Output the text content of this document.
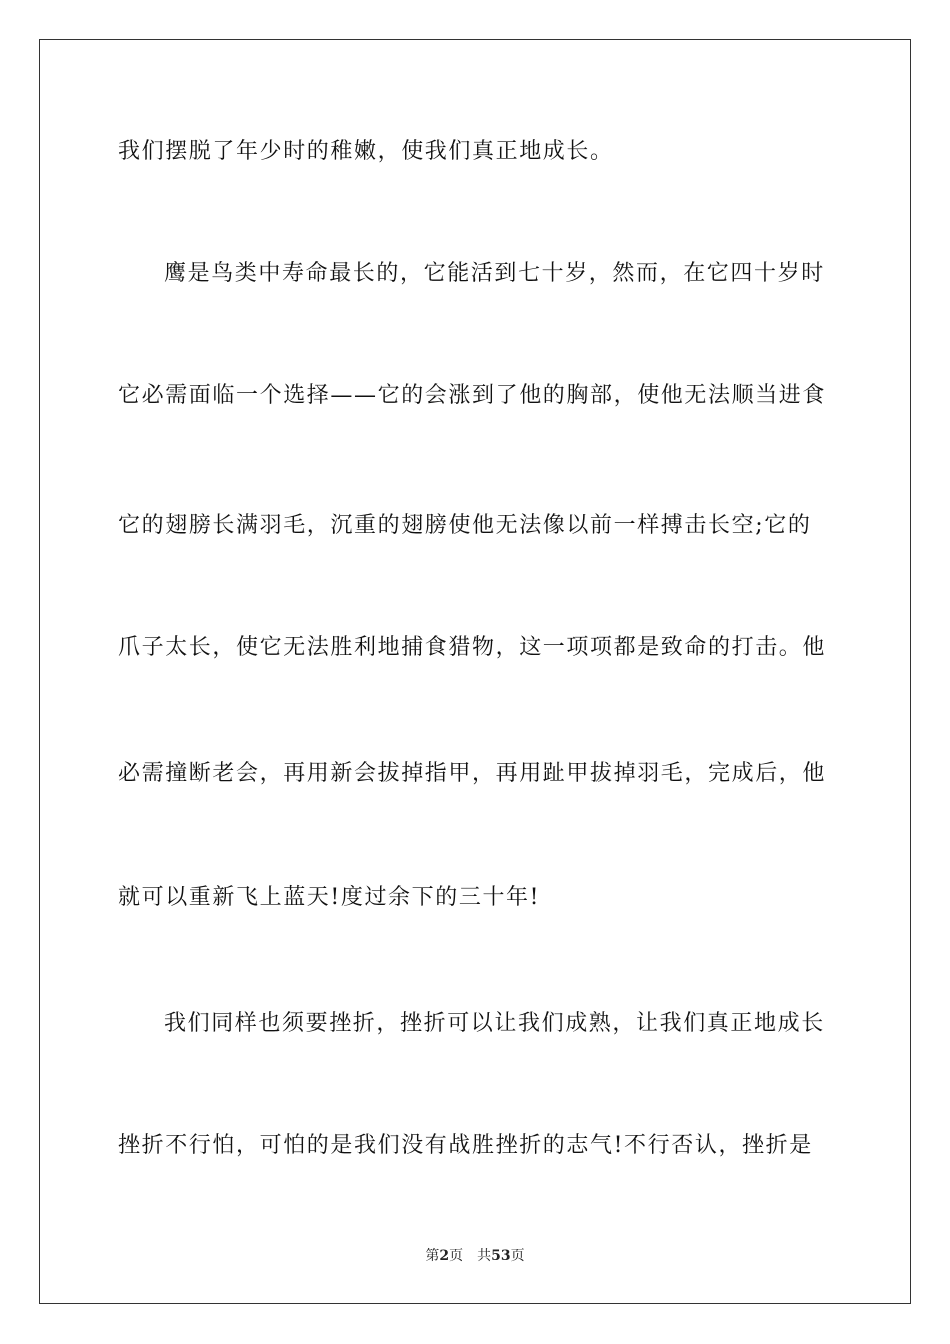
我们摆脱了年少时的稚嫩，使我们真正地成长。
鹰是鸟类中寿命最长的，它能活到七十岁，然而，在它四十岁时
它必需面临一个选择——它的会涨到了他的胸部，使他无法顺当进食
它的翅膀长满羽毛，沉重的翅膀使他无法像以前一样搏击长空;它的
爪子太长，使它无法胜利地捕食猎物，这一项项都是致命的打击。他
必需撞断老会，再用新会拔掉指甲，再用趾甲拔掉羽毛，完成后，他
就可以重新飞上蓝天!度过余下的三十年!
我们同样也须要挫折，挫折可以让我们成熟，让我们真正地成长
挫折不行怕，可怕的是我们没有战胜挫折的志气!不行否认，挫折是
第2页 共53页
